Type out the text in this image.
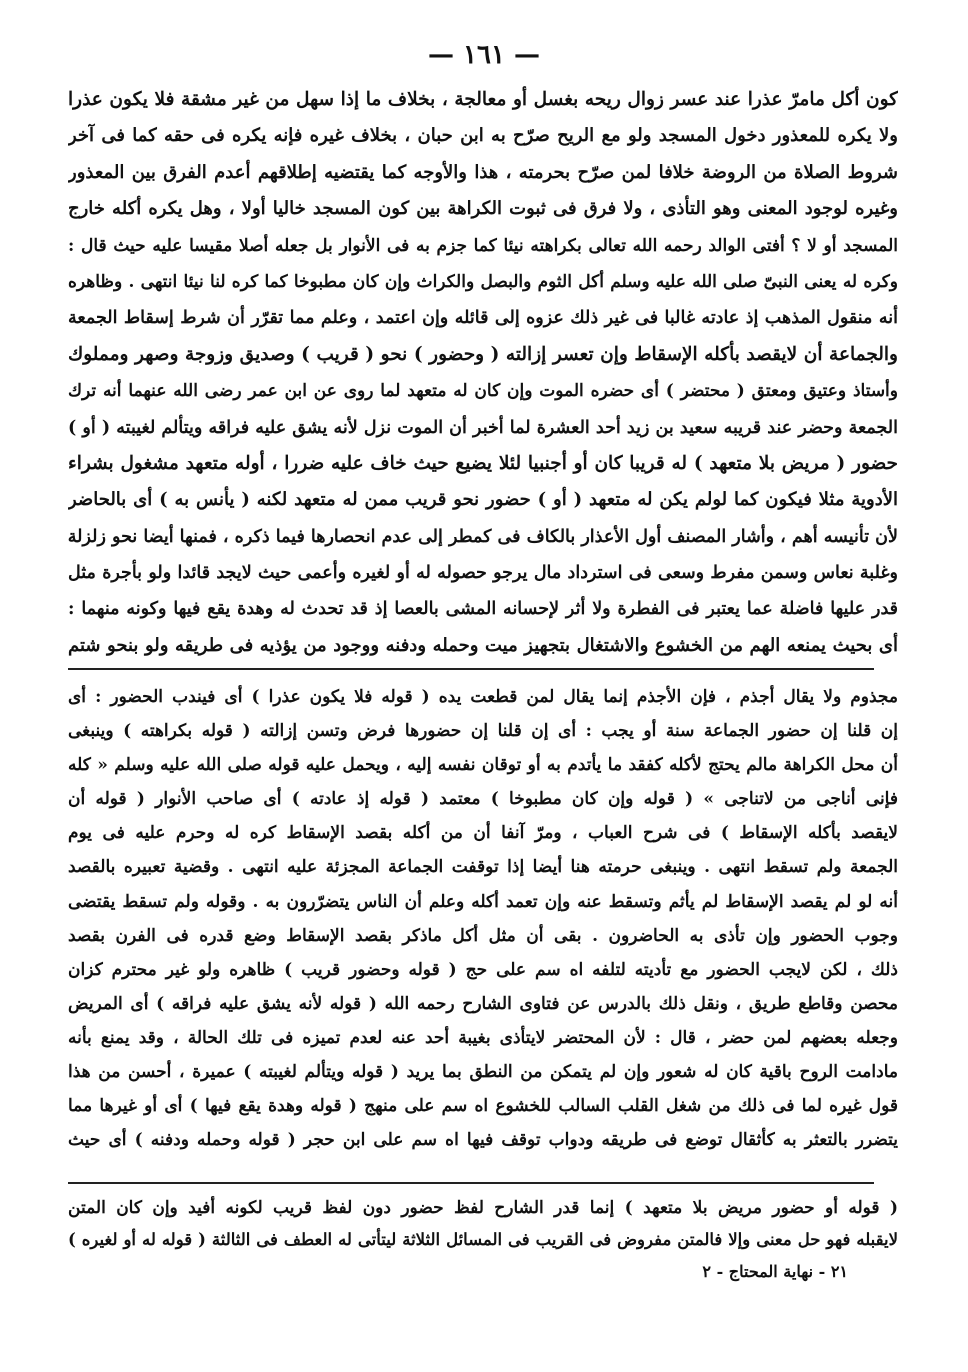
— ١٦١ —
كون أكل مامرّ عذرا عند عسر زوال ريحه بغسل أو معالجة ، بخلاف ما إذا سهل من غير مشقة فلا يكون عذرا
ولا يكره للمعذور دخول المسجد ولو مع الريح صرّح به ابن حبان ، بخلاف غيره فإنه يكره فى حقه كما فى آخر
شروط الصلاة من الروضة خلافا لمن صرّح بحرمته ، هذا والأوجه كما يقتضيه إطلاقهم أعدم الفرق بين المعذور
وغيره لوجود المعنى وهو التأذى ، ولا فرق فى ثبوت الكراهة بين كون المسجد خاليا أولا ، وهل يكره أكله خارج
المسجد أو لا ؟ أفتى الوالد رحمه الله تعالى بكراهته نيئا كما جزم به فى الأنوار بل جعله أصلا مقيسا عليه حيث قال :
وكره له يعنى النبىّ صلى الله عليه وسلم أكل الثوم والبصل والكراث وإن كان مطبوخا كما كره لنا نيئا انتهى . وظاهره
أنه منقول المذهب إذ عادته غالبا فى غير ذلك عزوه إلى قائله وإن اعتمد ، وعلم مما تقرّر أن شرط إسقاط الجمعة
والجماعة أن لايقصد بأكله الإسقاط وإن تعسر إزالته ( وحضور ) نحو ( قريب ) وصديق وزوجة وصهر ومملوك
وأستاذ وعتيق ومعتق ( محتضر ) أى حضره الموت وإن كان له متعهد لما روى عن ابن عمر رضى الله عنهما أنه ترك
الجمعة وحضر عند قريبه سعيد بن زيد أحد العشرة لما أخبر أن الموت نزل لأنه يشق عليه فراقه ويتألم لغيبته ( أو )
حضور ( مريض بلا متعهد ) له قريبا كان أو أجنبيا لئلا يضيع حيث خاف عليه ضررا ، أوله متعهد مشغول بشراء
الأدوية مثلا فيكون كما لولم يكن له متعهد ( أو ) حضور نحو قريب ممن له متعهد لكنه ( يأنس به ) أى بالحاضر
لأن تأنيسه أهم ، وأشار المصنف أول الأعذار بالكاف فى كمطر إلى عدم انحصارها فيما ذكره ، فمنها أيضا نحو زلزلة
وغلبة نعاس وسمن مفرط وسعى فى استرداد مال يرجو حصوله له أو لغيره وأعمى حيث لايجد قائدا ولو بأجرة مثل
قدر عليها فاضلة عما يعتبر فى الفطرة ولا أثر لإحسانه المشى بالعصا إذ قد تحدث له وهدة يقع فيها وكونه منهما :
أى بحيث يمنعه الهم من الخشوع والاشتغال بتجهيز ميت وحمله ودفنه ووجود من يؤذيه فى طريقه ولو بنحو شتم
مجذوم ولا يقال أجذم ، فإن الأجذم إنما يقال لمن قطعت يده ( قوله فلا يكون عذرا ) أى فيندب الحضور : أى
إن قلنا إن حضور الجماعة سنة أو يجب : أى إن قلنا إن حضورها فرض وتسن إزالته ( قوله بكراهته ) وينبغى
أن محل الكراهة مالم يحتج لأكله كفقد ما يأتدم به أو توقان نفسه إليه ، ويحمل عليه قوله صلى الله عليه وسلم « كله
فإنى أناجى من لاتناجى » ( قوله وإن كان مطبوخا ) معتمد ( قوله إذ عادته ) أى صاحب الأنوار ( قوله أن
لايقصد بأكله الإسقاط ) فى شرح العباب ، ومرّ آنفا أن من أكله بقصد الإسقاط كره له وحرم عليه فى يوم
الجمعة ولم تسقط انتهى . وينبغى حرمته هنا أيضا إذا توقفت الجماعة المجزئة عليه انتهى . وقضية تعبيره بالقصد
أنه لو لم يقصد الإسقاط لم يأثم وتسقط عنه وإن تعمد أكله وعلم أن الناس يتضرّرون به . وقوله ولم تسقط يقتضى
وجوب الحضور وإن تأذى به الحاضرون . بقى أن مثل أكل ماذكر بقصد الإسقاط وضع قدره فى الفرن بقصد
ذلك ، لكن لايجب الحضور مع تأديته لتلفه اه سم على حج ( قوله وحضور قريب ) ظاهره ولو غير محترم كزان
محصن وقاطع طريق ، ونقل ذلك بالدرس عن فتاوى الشارح رحمه الله ( قوله لأنه يشق عليه فراقه ) أى المريض
وجعله بعضهم لمن حضر ، قال : لأن المحتضر لايتأذى بغيبة أحد عنه لعدم تميزه فى تلك الحالة ، وقد يمنع بأنه
مادامت الروح باقية كان له شعور وإن لم يتمكن من النطق بما يريد ( قوله ويتألم لغيبته ) عميرة ، أحسن من هذا
قول غيره لما فى ذلك من شغل القلب السالب للخشوع اه سم على منهج ( قوله وهدة يقع فيها ) أى أو غيرها مما
يتضرر بالتعثر به كأثقال توضع فى طريقه ودواب توقف فيها اه سم على ابن حجر ( قوله وحمله ودفنه ) أى حيث
( قوله أو حضور مريض بلا متعهد ) إنما قدر الشارح لفظ حضور دون لفظ قريب لكونه أفيد وإن كان المتن
لايقبله فهو حل معنى وإلا فالمتن مفروض فى القريب فى المسائل الثلاثة ليتأتى له العطف فى الثالثة ( قوله له أو لغيره )
٢١ - نهاية المحتاج - ٢
